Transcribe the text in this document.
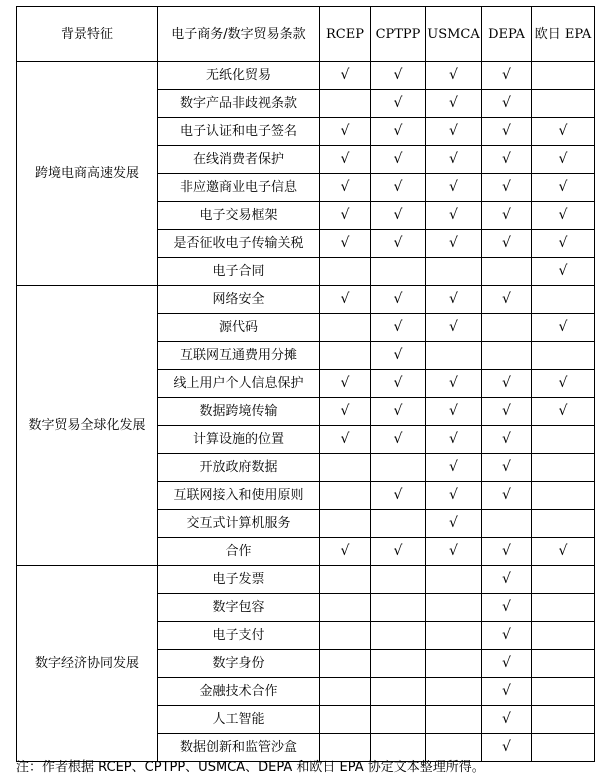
背景特征	电子商务/数字贸易条款	RCEP	CPTPP	USMCA	DEPA	欧日 EPA
跨境电商高速发展	无纸化贸易	√	√	√	√	
	数字产品非歧视条款		√	√	√	
	电子认证和电子签名	√	√	√	√	√
	在线消费者保护	√	√	√	√	√
	非应邀商业电子信息	√	√	√	√	√
	电子交易框架	√	√	√	√	√
	是否征收电子传输关税	√	√	√	√	√
	电子合同					√
数字贸易全球化发展	网络安全	√	√	√	√	
	源代码		√	√		√
	互联网互通费用分摊		√			
	线上用户个人信息保护	√	√	√	√	√
	数据跨境传输	√	√	√	√	√
	计算设施的位置	√	√	√	√	
	开放政府数据			√	√	
	互联网接入和使用原则		√	√	√	
	交互式计算机服务			√		
	合作	√	√	√	√	√
数字经济协同发展	电子发票				√	
	数字包容				√	
	电子支付				√	
	数字身份				√	
	金融技术合作				√	
	人工智能				√	
	数据创新和监管沙盒				√	
注：作者根据 RCEP、CPTPP、USMCA、DEPA 和欧日 EPA 协定文本整理所得。
